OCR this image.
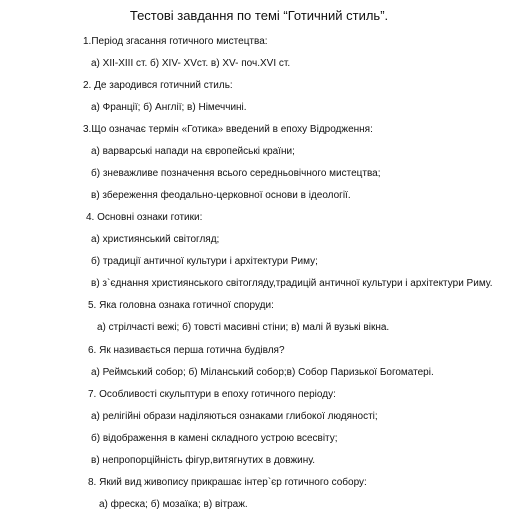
Тестові завдання по темі “Готичний стиль”.
1.Період згасання готичного мистецтва:
а) XII-XIII ст. б) XIV- XVст. в) XV- поч.XVI ст.
2. Де зародився готичний стиль:
а) Франції; б) Англії; в) Німеччині.
3.Що означає термін «Готика» введений в епоху Відродження:
а) варварські напади на європейські країни;
б) зневажливе позначення всього середньовічного мистецтва;
в) збереження феодально-церковної основи в ідеології.
4. Основні ознаки готики:
а) християнський світогляд;
б) традиції античної культури і архітектури Риму;
в) з`єднання християнського світогляду,традицій античної культури і архітектури Риму.
5. Яка головна ознака готичної споруди:
а) стрілчасті вежі; б) товсті масивні стіни; в) малі й вузькі вікна.
6. Як називається перша готична будівля?
а) Реймський собор; б) Міланський собор;в) Собор Паризької Богоматері.
7. Особливості скульптури в епоху готичного періоду:
а) релігійні образи наділяються ознаками глибокої людяності;
б) відображення в камені складного устрою всесвіту;
в) непропорційність фігур,витягнутих в довжину.
8. Який вид живопису прикрашає інтер`єр готичного собору:
а) фреска; б) мозаїка; в) вітраж.
